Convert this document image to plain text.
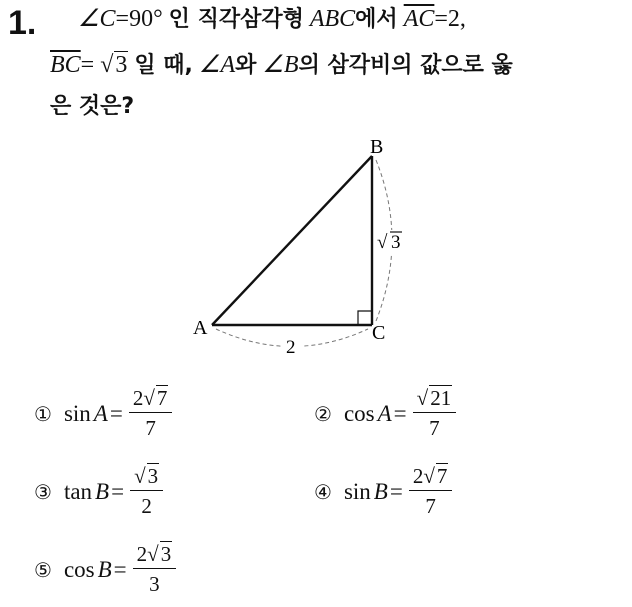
1. ∠C=90° 인 직각삼각형 ABC에서 $\overline{AC}=2$,
$\overline{BC}= √3$ 일 때, ∠A와 ∠B의 삼각비의 값으로 옳
은 것은?
A
B
C
2
√ 3
① $\sin A = \frac{2√7}{7}$	② $\cos A = \frac{√21}{7}$
③ $\tan B = \frac{√3}{2}$	④ $\sin B = \frac{2√7}{7}$
⑤ $\cos B = \frac{2√3}{3}$
